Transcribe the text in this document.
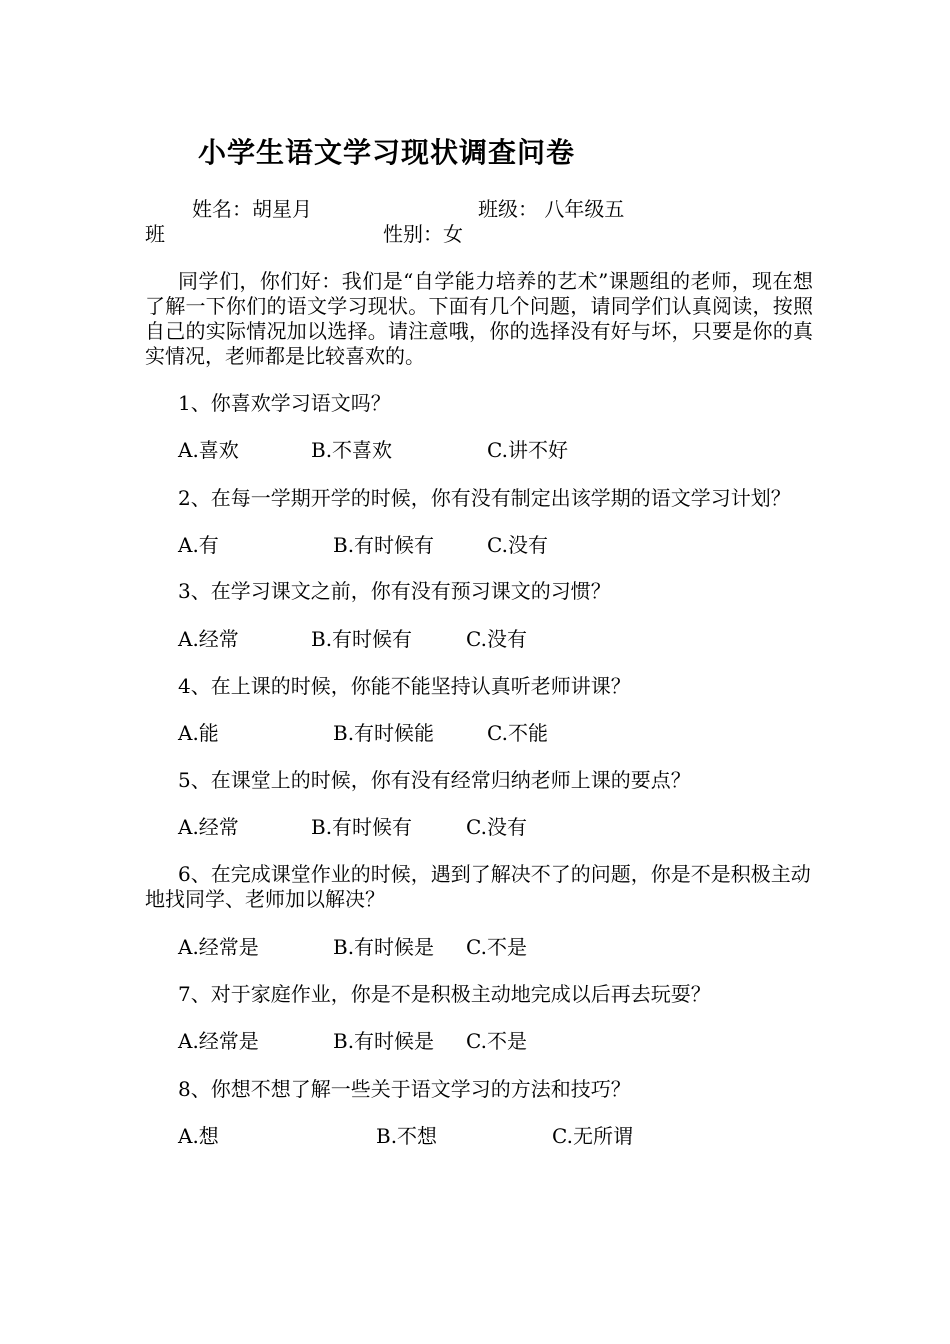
小学生语文学习现状调查问卷
姓名：胡星月	班级： 八年级五
班	性别：女
同学们，你们好：我们是“自学能力培养的艺术”课题组的老师，现在想了解一下你们的语文学习现状。下面有几个问题，请同学们认真阅读，按照自己的实际情况加以选择。请注意哦，你的选择没有好与坏，只要是你的真实情况，老师都是比较喜欢的。
1、你喜欢学习语文吗？
A.喜欢	B.不喜欢	C.讲不好
2、在每一学期开学的时候，你有没有制定出该学期的语文学习计划？
A.有	B.有时候有	C.没有
3、在学习课文之前，你有没有预习课文的习惯？
A.经常	B.有时候有	C.没有
4、在上课的时候，你能不能坚持认真听老师讲课？
A.能	B.有时候能	C.不能
5、在课堂上的时候，你有没有经常归纳老师上课的要点？
A.经常	B.有时候有	C.没有
6、在完成课堂作业的时候，遇到了解决不了的问题，你是不是积极主动地找同学、老师加以解决？
A.经常是	B.有时候是 C.不是
7、对于家庭作业，你是不是积极主动地完成以后再去玩耍？
A.经常是	B.有时候是 C.不是
8、你想不想了解一些关于语文学习的方法和技巧？
A.想	B.不想	C.无所谓
